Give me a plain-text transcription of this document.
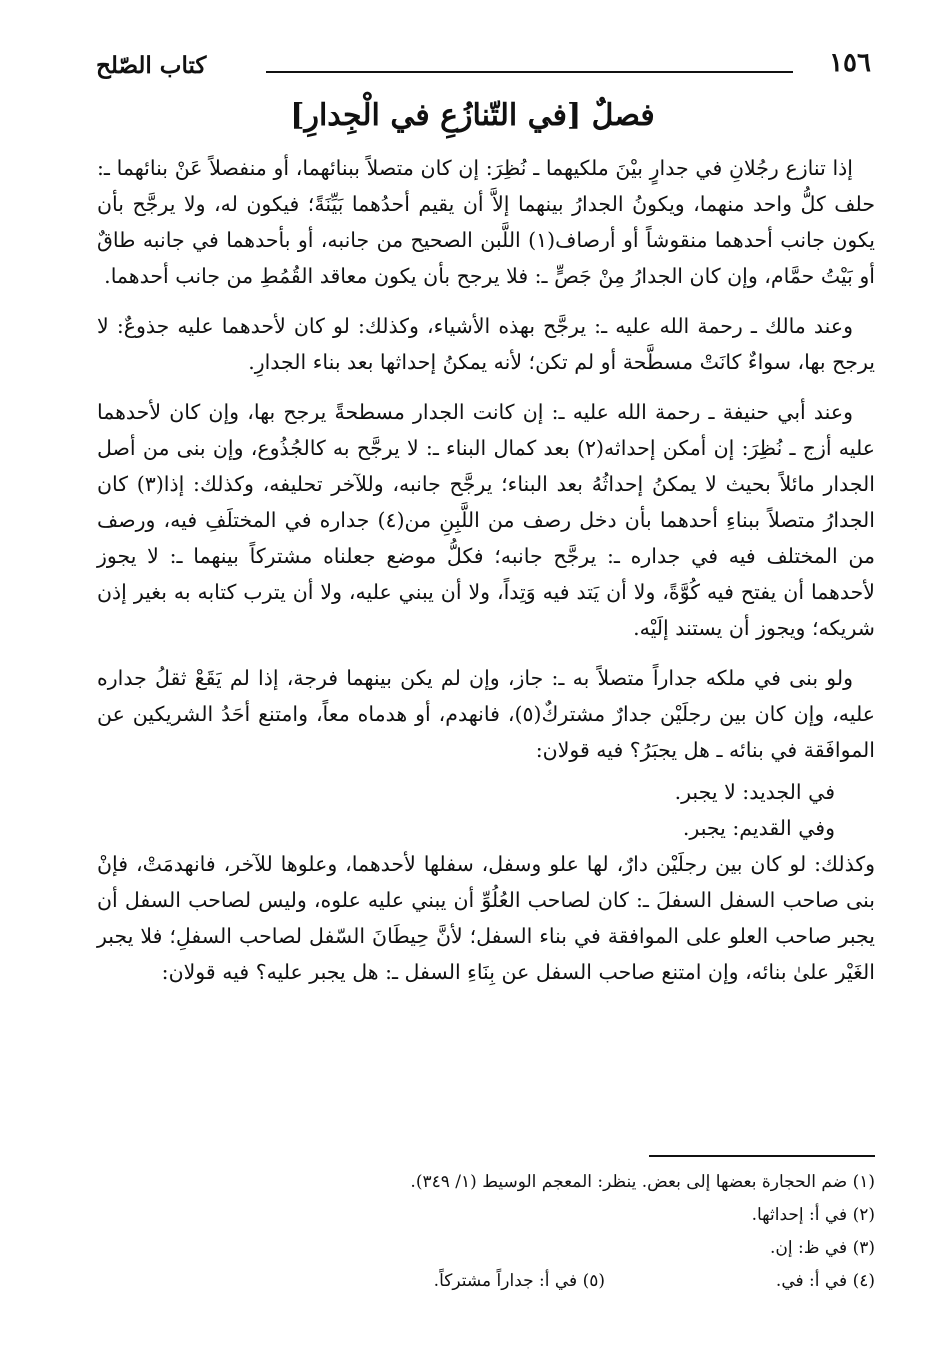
١٥٦
كتاب الصّلح
فصلٌ [في التّنازُعِ في الْجِدارِ]

إذا تنازع رجُلانِ في جدارٍ بيْنَ ملكيهما ـ نُظِرَ: إن كان متصلاً ببنائهما، أو منفصلاً عَنْ بنائهما ـ: حلف كلُّ واحد منهما، ويكونُ الجدارُ بينهما إلاَّ أن يقيم أحدُهما بَيِّنَةً؛ فيكون له، ولا يرجَّح بأن يكون جانب أحدهما منقوشاً أو أرصاف(١) اللَّبن الصحيح من جانبه، أو بأحدهما في جانبه طاقٌ أو بَيْتُ حمَّام، وإن كان الجدارُ مِنْ جَصٍّ ـ: فلا يرجح بأن يكون معاقد القُمُطِ من جانب أحدهما.

وعند مالك ـ رحمة الله عليه ـ: يرجَّح بهذه الأشياء، وكذلك: لو كان لأحدهما عليه جذوعٌ: لا يرجح بها، سواءٌ كانَتْ مسطَّحة أو لم تكن؛ لأنه يمكنُ إحداثها بعد بناء الجدارِ.

وعند أبي حنيفة ـ رحمة الله عليه ـ: إن كانت الجدار مسطحةً يرجح بها، وإن كان لأحدهما عليه أزج ـ نُظِرَ: إن أمكن إحداثه(٢) بعد كمال البناء ـ: لا يرجَّح به كالجُذُوع، وإن بنى من أصل الجدار مائلاً بحيث لا يمكنُ إحداثُهُ بعد البناء؛ يرجَّح جانبه، وللآخر تحليفه، وكذلك: إذا(٣) كان الجدارُ متصلاً ببناءِ أحدهما بأن دخل رصف من اللَّبِنِ من(٤) جداره في المختلَفِ فيه، ورصف من المختلف فيه في جداره ـ: يرجَّح جانبه؛ فكلُّ موضع جعلناه مشتركاً بينهما ـ: لا يجوز لأحدهما أن يفتح فيه كُوَّةً، ولا أن يَتد فيه وَتِداً، ولا أن يبني عليه، ولا أن يترب كتابه به بغير إذن شريكه؛ ويجوز أن يستند إلَيْه.

ولو بنى في ملكه جداراً متصلاً به ـ: جاز، وإن لم يكن بينهما فرجة، إذا لم يَقَعْ ثقلُ جداره عليه، وإن كان بين رجلَيْن جدارٌ مشتركٌ(٥)، فانهدم، أو هدماه معاً، وامتنع أحَدُ الشريكين عن الموافَقة في بنائه ـ هل يجبَرُ؟ فيه قولان:

في الجديد: لا يجبر.

وفي القديم: يجبر.

وكذلك: لو كان بين رجلَيْن دارٌ، لها علو وسفل، سفلها لأحدهما، وعلوها للآخر، فانهدمَتْ، فإنْ بنى صاحب السفل السفلَ ـ: كان لصاحب العُلُوِّ أن يبني عليه علوه، وليس لصاحب السفل أن يجبر صاحب العلو على الموافقة في بناء السفل؛ لأنَّ حِيطَانَ السّفل لصاحب السفلِ؛ فلا يجبر الغَيْر علىٰ بنائه، وإن امتنع صاحب السفل عن بِنَاءِ السفل ـ: هل يجبر عليه؟ فيه قولان:

(١) ضم الحجارة بعضها إلى بعض. ينظر: المعجم الوسيط (١/ ٣٤٩).

(٢) في أ: إحداثها.

(٣) في ظ: إن.

(٤) في أ: في.

(٥) في أ: جداراً مشتركاً.
